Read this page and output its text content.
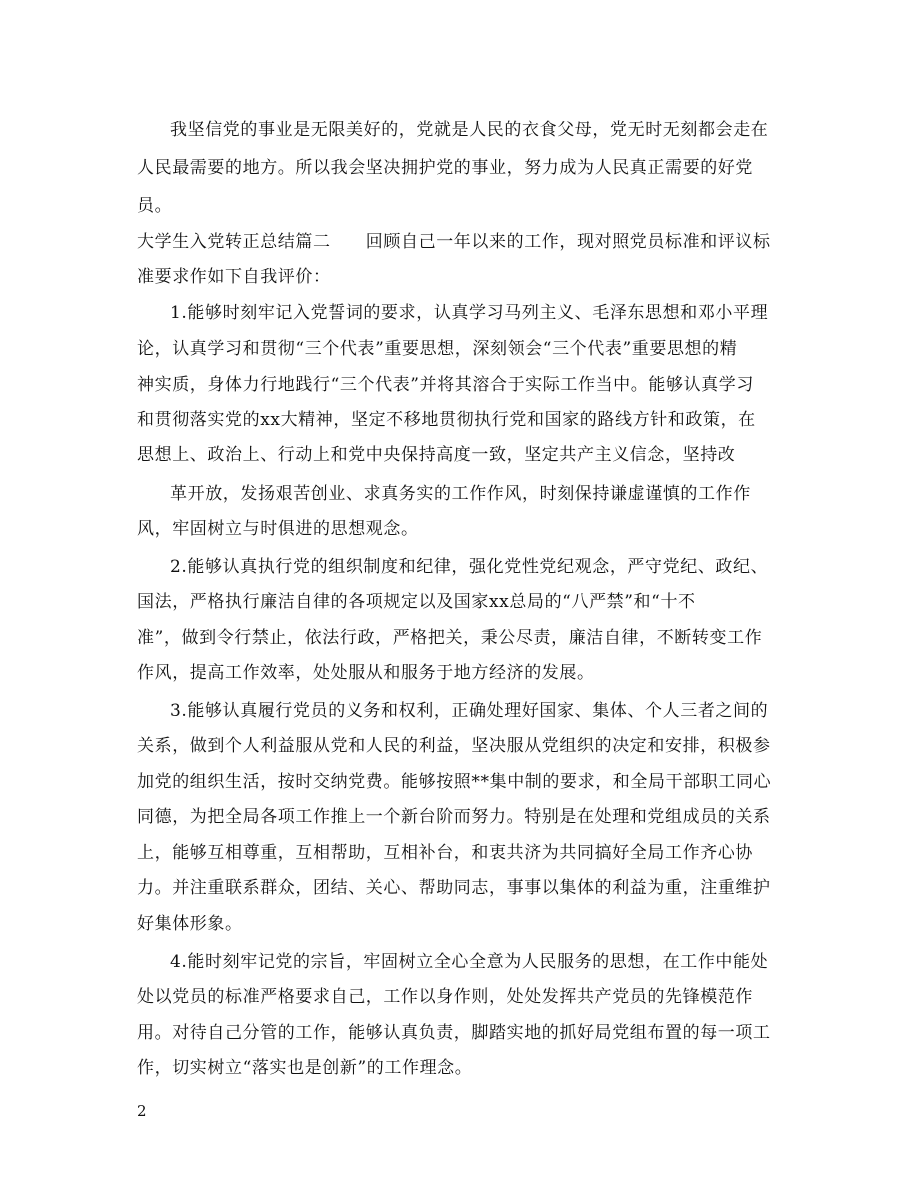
我坚信党的事业是无限美好的，党就是人民的衣食父母，党无时无刻都会走在
人民最需要的地方。所以我会坚决拥护党的事业，努力成为人民真正需要的好党
员。
大学生入党转正总结篇二　　回顾自己一年以来的工作，现对照党员标准和评议标
准要求作如下自我评价：
1.能够时刻牢记入党誓词的要求，认真学习马列主义、毛泽东思想和邓小平理
论，认真学习和贯彻“三个代表”重要思想，深刻领会“三个代表”重要思想的精
神实质，身体力行地践行“三个代表”并将其溶合于实际工作当中。能够认真学习
和贯彻落实党的xx大精神，坚定不移地贯彻执行党和国家的路线方针和政策，在
思想上、政治上、行动上和党中央保持高度一致，坚定共产主义信念，坚持改
革开放，发扬艰苦创业、求真务实的工作作风，时刻保持谦虚谨慎的工作作
风，牢固树立与时俱进的思想观念。
2.能够认真执行党的组织制度和纪律，强化党性党纪观念，严守党纪、政纪、
国法，严格执行廉洁自律的各项规定以及国家xx总局的“八严禁”和“十不
准”，做到令行禁止，依法行政，严格把关，秉公尽责，廉洁自律，不断转变工作
作风，提高工作效率，处处服从和服务于地方经济的发展。
3.能够认真履行党员的义务和权利，正确处理好国家、集体、个人三者之间的
关系，做到个人利益服从党和人民的利益，坚决服从党组织的决定和安排，积极参
加党的组织生活，按时交纳党费。能够按照**集中制的要求，和全局干部职工同心
同德，为把全局各项工作推上一个新台阶而努力。特别是在处理和党组成员的关系
上，能够互相尊重，互相帮助，互相补台，和衷共济为共同搞好全局工作齐心协
力。并注重联系群众，团结、关心、帮助同志，事事以集体的利益为重，注重维护
好集体形象。
4.能时刻牢记党的宗旨，牢固树立全心全意为人民服务的思想，在工作中能处
处以党员的标准严格要求自己，工作以身作则，处处发挥共产党员的先锋模范作
用。对待自己分管的工作，能够认真负责，脚踏实地的抓好局党组布置的每一项工
作，切实树立“落实也是创新”的工作理念。
2
